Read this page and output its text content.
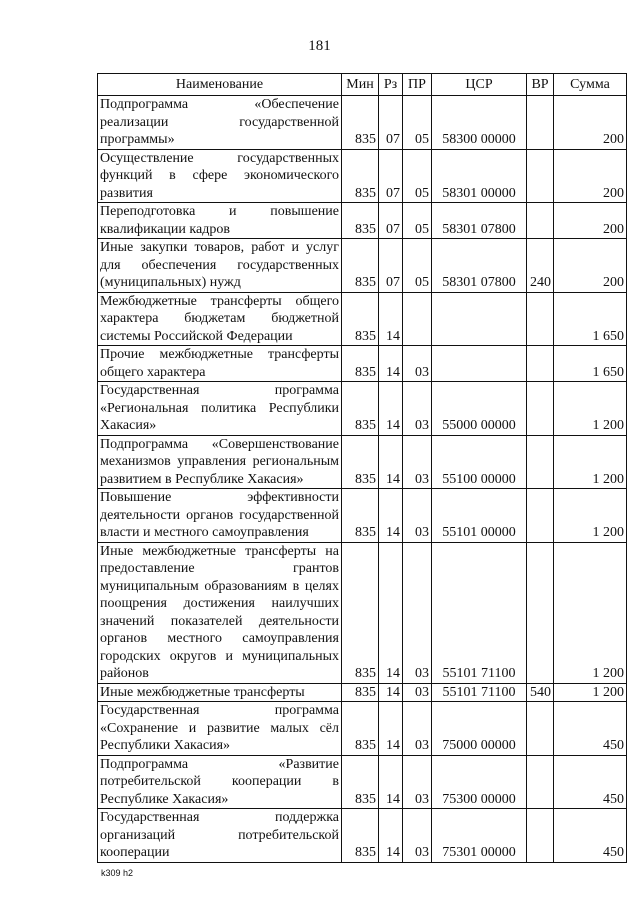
181
Наименование	Мин	Рз	ПР	ЦСР	ВР	Сумма
Подпрограмма «Обеспечение реализации государственной программы»	835	07	05	58300 00000		200
Осуществление государственных функций в сфере экономического развития	835	07	05	58301 00000		200
Переподготовка и повышение квалификации кадров	835	07	05	58301 07800		200
Иные закупки товаров, работ и услуг для обеспечения государственных (муниципальных) нужд	835	07	05	58301 07800	240	200
Межбюджетные трансферты общего характера бюджетам бюджетной системы Российской Федерации	835	14				1 650
Прочие межбюджетные трансферты общего характера	835	14	03			1 650
Государственная программа «Региональная политика Республики Хакасия»	835	14	03	55000 00000		1 200
Подпрограмма «Совершенствование механизмов управления региональным развитием в Республике Хакасия»	835	14	03	55100 00000		1 200
Повышение эффективности деятельности органов государственной власти и местного самоуправления	835	14	03	55101 00000		1 200
Иные межбюджетные трансферты на предоставление грантов муниципальным образованиям в целях поощрения достижения наилучших значений показателей деятельности органов местного самоуправления городских округов и муниципальных районов	835	14	03	55101 71100		1 200
Иные межбюджетные трансферты	835	14	03	55101 71100	540	1 200
Государственная программа «Сохранение и развитие малых сёл Республики Хакасия»	835	14	03	75000 00000		450
Подпрограмма «Развитие потребительской кооперации в Республике Хакасия»	835	14	03	75300 00000		450
Государственная поддержка организаций потребительской кооперации	835	14	03	75301 00000		450
k309 h2
